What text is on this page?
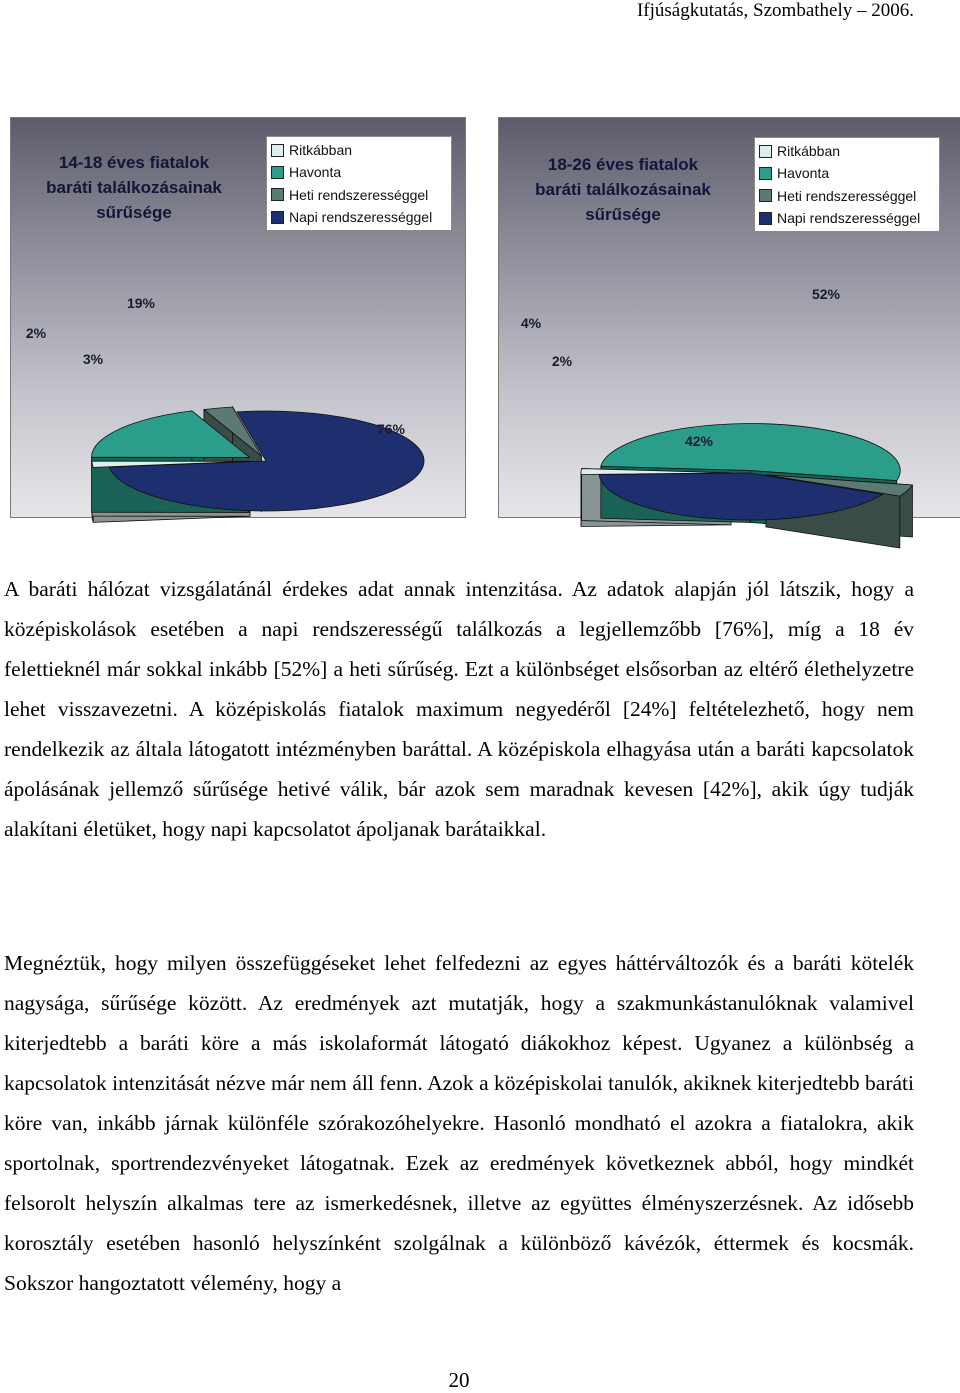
Ifjúságkutatás, Szombathely – 2006.
14-18 éves fiatalok
baráti találkozásainak
sűrűsége
Ritkábban
Havonta
Heti rendszerességgel
Napi rendszerességgel
2%
19%
3%
76%
18-26 éves fiatalok
baráti találkozásainak
sűrűsége
Ritkábban
Havonta
Heti rendszerességgel
Napi rendszerességgel
2%
52%
4%
42%

A baráti hálózat vizsgálatánál érdekes adat annak intenzitása. Az adatok alapján jól látszik, hogy a középiskolások esetében a napi rendszerességű találkozás a legjellemzőbb [76%], míg a 18 év felettieknél már sokkal inkább [52%] a heti sűrűség. Ezt a különbséget elsősorban az eltérő élethelyzetre lehet visszavezetni. A középiskolás fiatalok maximum negyedéről [24%] feltételezhető, hogy nem rendelkezik az általa látogatott intézményben baráttal. A középiskola elhagyása után a baráti kapcsolatok ápolásának jellemző sűrűsége hetivé válik, bár azok sem maradnak kevesen [42%], akik úgy tudják alakítani életüket, hogy napi kapcsolatot ápoljanak barátaikkal.

Megnéztük, hogy milyen összefüggéseket lehet felfedezni az egyes háttérváltozók és a baráti kötelék nagysága, sűrűsége között. Az eredmények azt mutatják, hogy a szakmunkástanulóknak valamivel kiterjedtebb a baráti köre a más iskolaformát látogató diákokhoz képest. Ugyanez a különbség a kapcsolatok intenzitását nézve már nem áll fenn. Azok a középiskolai tanulók, akiknek kiterjedtebb baráti köre van, inkább járnak különféle szórakozóhelyekre. Hasonló mondható el azokra a fiatalokra, akik sportolnak, sportrendezvényeket látogatnak. Ezek az eredmények következnek abból, hogy mindkét felsorolt helyszín alkalmas tere az ismerkedésnek, illetve az együttes élményszerzésnek. Az idősebb korosztály esetében hasonló helyszínként szolgálnak a különböző kávézók, éttermek és kocsmák. Sokszor hangoztatott vélemény, hogy a

20
